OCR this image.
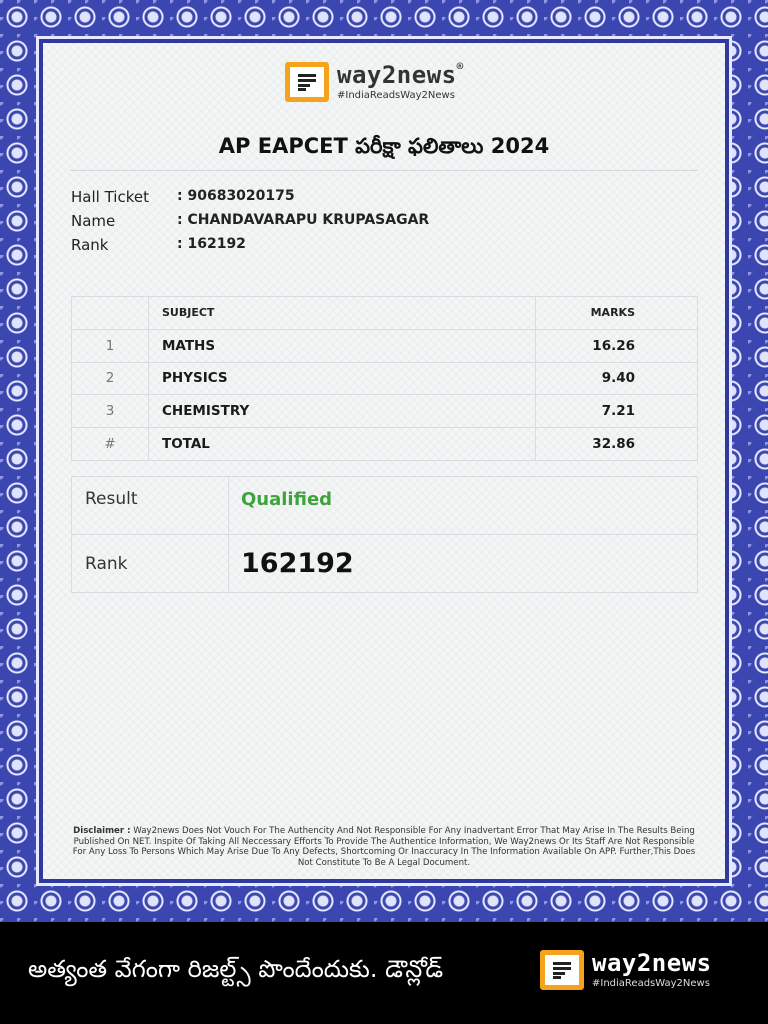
way2news®
#IndiaReadsWay2News
AP EAPCET పరీక్షా ఫలితాలు 2024
Hall Ticket	: 90683020175
Name	: CHANDAVARAPU KRUPASAGAR
Rank	: 162192
	SUBJECT	MARKS
1	MATHS	16.26
2	PHYSICS	9.40
3	CHEMISTRY	7.21
#	TOTAL	32.86
Result	Qualified
Rank	162192
Disclaimer : Way2news Does Not Vouch For The Authencity And Not Responsible For Any Inadvertant Error That May Arise In The Results Being Published On NET. Inspite Of Taking All Neccessary Efforts To Provide The Authentice Information, We Way2news Or Its Staff Are Not Responsible For Any Loss To Persons Which May Arise Due To Any Defects, Shortcoming Or Inaccuracy In The Information Available On APP. Further,This Does Not Constitute To Be A Legal Document.
అత్యంత వేగంగా రిజల్ట్స్ పొందేందుకు. డౌన్లోడ్	way2news
#IndiaReadsWay2News
